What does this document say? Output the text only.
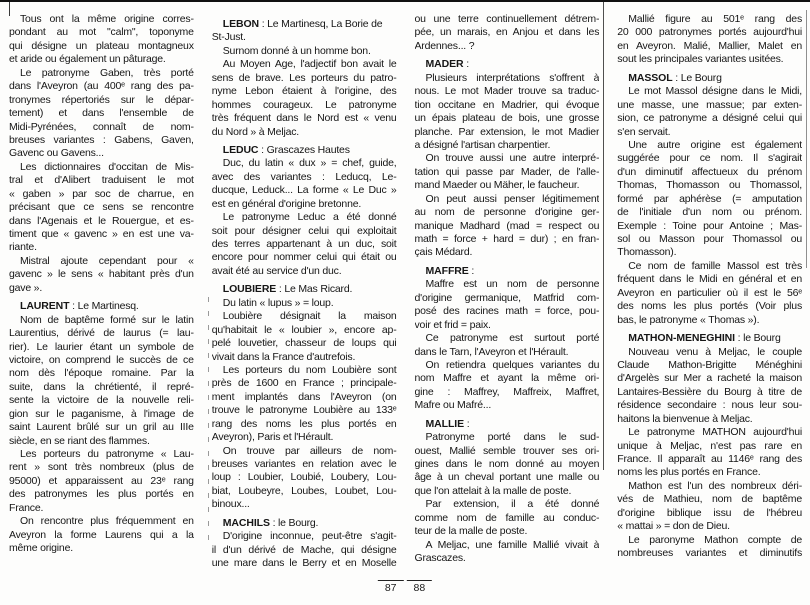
Tous ont la même origine corres-
pondant au mot "calm", toponyme
qui désigne un plateau montagneux
et aride ou également un pâturage.
Le patronyme Gaben, très porté
dans l'Aveyron (au 400ᵉ rang des pa-
tronymes répertoriés sur le dépar-
tement) et dans l'ensemble de
Midi-Pyrénées, connaît de nom-
breuses variantes : Gabens, Gaven,
Gavenc ou Gavens...
Les dictionnaires d'occitan de Mis-
tral et d'Alibert traduisent le mot
« gaben » par soc de charrue, en
précisant que ce sens se rencontre
dans l'Agenais et le Rouergue, et es-
timent que « gavenc » en est une va-
riante.
Mistral ajoute cependant pour «
gavenc » le sens « habitant près d'un
gave ».
LAURENT : Le Martinesq.
Nom de baptême formé sur le latin
Laurentius, dérivé de laurus (= lau-
rier). Le laurier étant un symbole de
victoire, on comprend le succès de ce
nom dès l'époque romaine. Par la
suite, dans la chrétienté, il repré-
sente la victoire de la nouvelle reli-
gion sur le paganisme, à l'image de
saint Laurent brûlé sur un gril au IIIe
siècle, en se riant des flammes.
Les porteurs du patronyme « Lau-
rent » sont très nombreux (plus de
95000) et apparaissent au 23ᵉ rang
des patronymes les plus portés en
France.
On rencontre plus fréquemment en
Aveyron la forme Laurens qui a la
même origine.
LEBON : Le Martinesq, La Borie de
St-Just.
Surnom donné à un homme bon.
Au Moyen Age, l'adjectif bon avait le
sens de brave. Les porteurs du patro-
nyme Lebon étaient à l'origine, des
hommes courageux. Le patronyme
très fréquent dans le Nord est « venu
du Nord » à Meljac.
LEDUC : Grascazes Hautes
Duc, du latin « dux » = chef, guide,
avec des variantes : Leducq, Le-
ducque, Leduck... La forme « Le Duc »
est en général d'origine bretonne.
Le patronyme Leduc a été donné
soit pour désigner celui qui exploitait
des terres appartenant à un duc, soit
encore pour nommer celui qui était ou
avait été au service d'un duc.
LOUBIERE : Le Mas Ricard.
Du latin « lupus » = loup.
Loubière désignait la maison
qu'habitait le « loubier », encore ap-
pelé louvetier, chasseur de loups qui
vivait dans la France d'autrefois.
Les porteurs du nom Loubière sont
près de 1600 en France ; principale-
ment implantés dans l'Aveyron (on
trouve le patronyme Loubière au 133ᵉ
rang des noms les plus portés en
Aveyron), Paris et l'Hérault.
On trouve par ailleurs de nom-
breuses variantes en relation avec le
loup : Loubier, Loubié, Loubery, Lou-
biat, Loubeyre, Loubes, Loubet, Lou-
binoux...
MACHILS : le Bourg.
D'origine inconnue, peut-être s'agit-
il d'un dérivé de Mache, qui désigne
une mare dans le Berry et en Moselle
ou une terre continuellement détrem-
pée, un marais, en Anjou et dans les
Ardennes... ?
MADER :
Plusieurs interprétations s'offrent à
nous. Le mot Mader trouve sa traduc-
tion occitane en Madrier, qui évoque
un épais plateau de bois, une grosse
planche. Par extension, le mot Madier
a désigné l'artisan charpentier.
On trouve aussi une autre interpré-
tation qui passe par Mader, de l'alle-
mand Maeder ou Mäher, le faucheur.
On peut aussi penser légitimement
au nom de personne d'origine ger-
manique Madhard (mad = respect ou
math = force + hard = dur) ; en fran-
çais Médard.
MAFFRE :
Maffre est un nom de personne
d'origine germanique, Matfrid com-
posé des racines math = force, pou-
voir et frid = paix.
Ce patronyme est surtout porté
dans le Tarn, l'Aveyron et l'Hérault.
On retiendra quelques variantes du
nom Maffre et ayant la même ori-
gine : Maffrey, Maffreix, Maffret,
Mafre ou Mafré...
MALLIE :
Patronyme porté dans le sud-
ouest, Mallié semble trouver ses ori-
gines dans le nom donné au moyen
âge à un cheval portant une malle ou
que l'on attelait à la malle de poste.
Par extension, il a été donné
comme nom de famille au conduc-
teur de la malle de poste.
A Meljac, une famille Mallié vivait à
Grascazes.
Mallié figure au 501ᵉ rang des
20 000 patronymes portés aujourd'hui
en Aveyron. Malié, Mallier, Malet en
sout les principales variantes usitées.
MASSOL : Le Bourg
Le mot Massol désigne dans le Midi,
une masse, une massue; par exten-
sion, ce patronyme a désigné celui qui
s'en servait.
Une autre origine est également
suggérée pour ce nom. Il s'agirait
d'un diminutif affectueux du prénom
Thomas, Thomasson ou Thomassol,
formé par aphérèse (= amputation
de l'initiale d'un nom ou prénom.
Exemple : Toine pour Antoine ; Mas-
sol ou Masson pour Thomassol ou
Thomasson).
Ce nom de famille Massol est très
fréquent dans le Midi en général et en
Aveyron en particulier où il est le 56ᵉ
des noms les plus portés (Voir plus
bas, le patronyme « Thomas »).
MATHON-MENEGHINI : le Bourg
Nouveau venu à Meljac, le couple
Claude Mathon-Brigitte Ménéghini
d'Argelès sur Mer a racheté la maison
Lantaires-Bessière du Bourg à titre de
résidence secondaire : nous leur sou-
haitons la bienvenue à Meljac.
Le patronyme MATHON aujourd'hui
unique à Meljac, n'est pas rare en
France. Il apparaît au 1146ᵉ rang des
noms les plus portés en France.
Mathon est l'un des nombreux déri-
vés de Mathieu, nom de baptême
d'origine biblique issu de l'hébreu
« mattai » = don de Dieu.
Le paronyme Mathon compte de
nombreuses variantes et diminutifs
87	88
